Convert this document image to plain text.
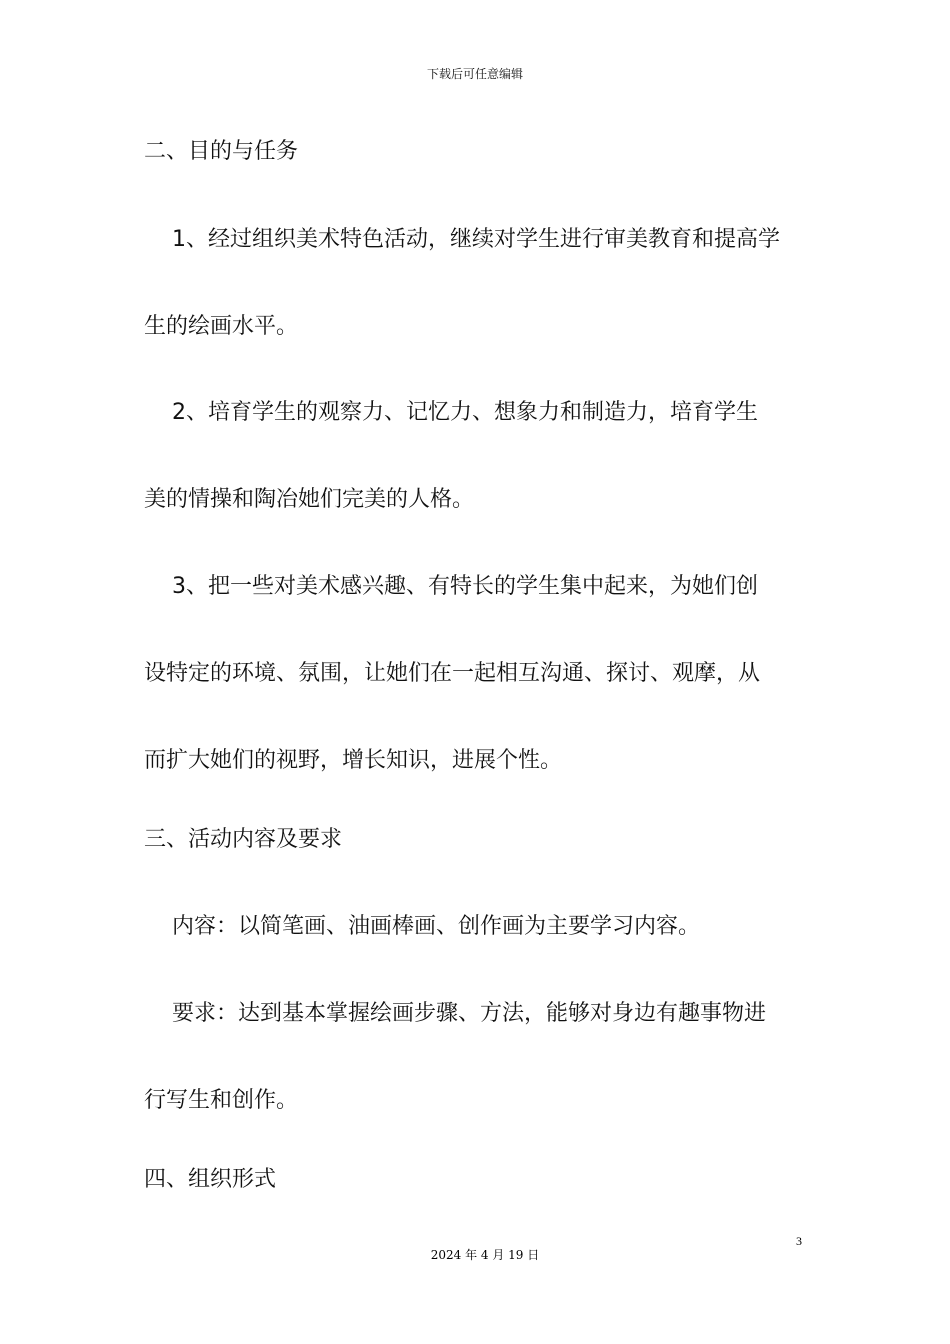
下载后可任意编辑
二、目的与任务
1、经过组织美术特色活动，继续对学生进行审美教育和提高学
生的绘画水平。
2、培育学生的观察力、记忆力、想象力和制造力，培育学生
美的情操和陶冶她们完美的人格。
3、把一些对美术感兴趣、有特长的学生集中起来，为她们创
设特定的环境、氛围，让她们在一起相互沟通、探讨、观摩，从
而扩大她们的视野，增长知识，进展个性。
三、活动内容及要求
内容：以简笔画、油画棒画、创作画为主要学习内容。
要求：达到基本掌握绘画步骤、方法，能够对身边有趣事物进
行写生和创作。
四、组织形式
3
2024 年 4 月 19 日
